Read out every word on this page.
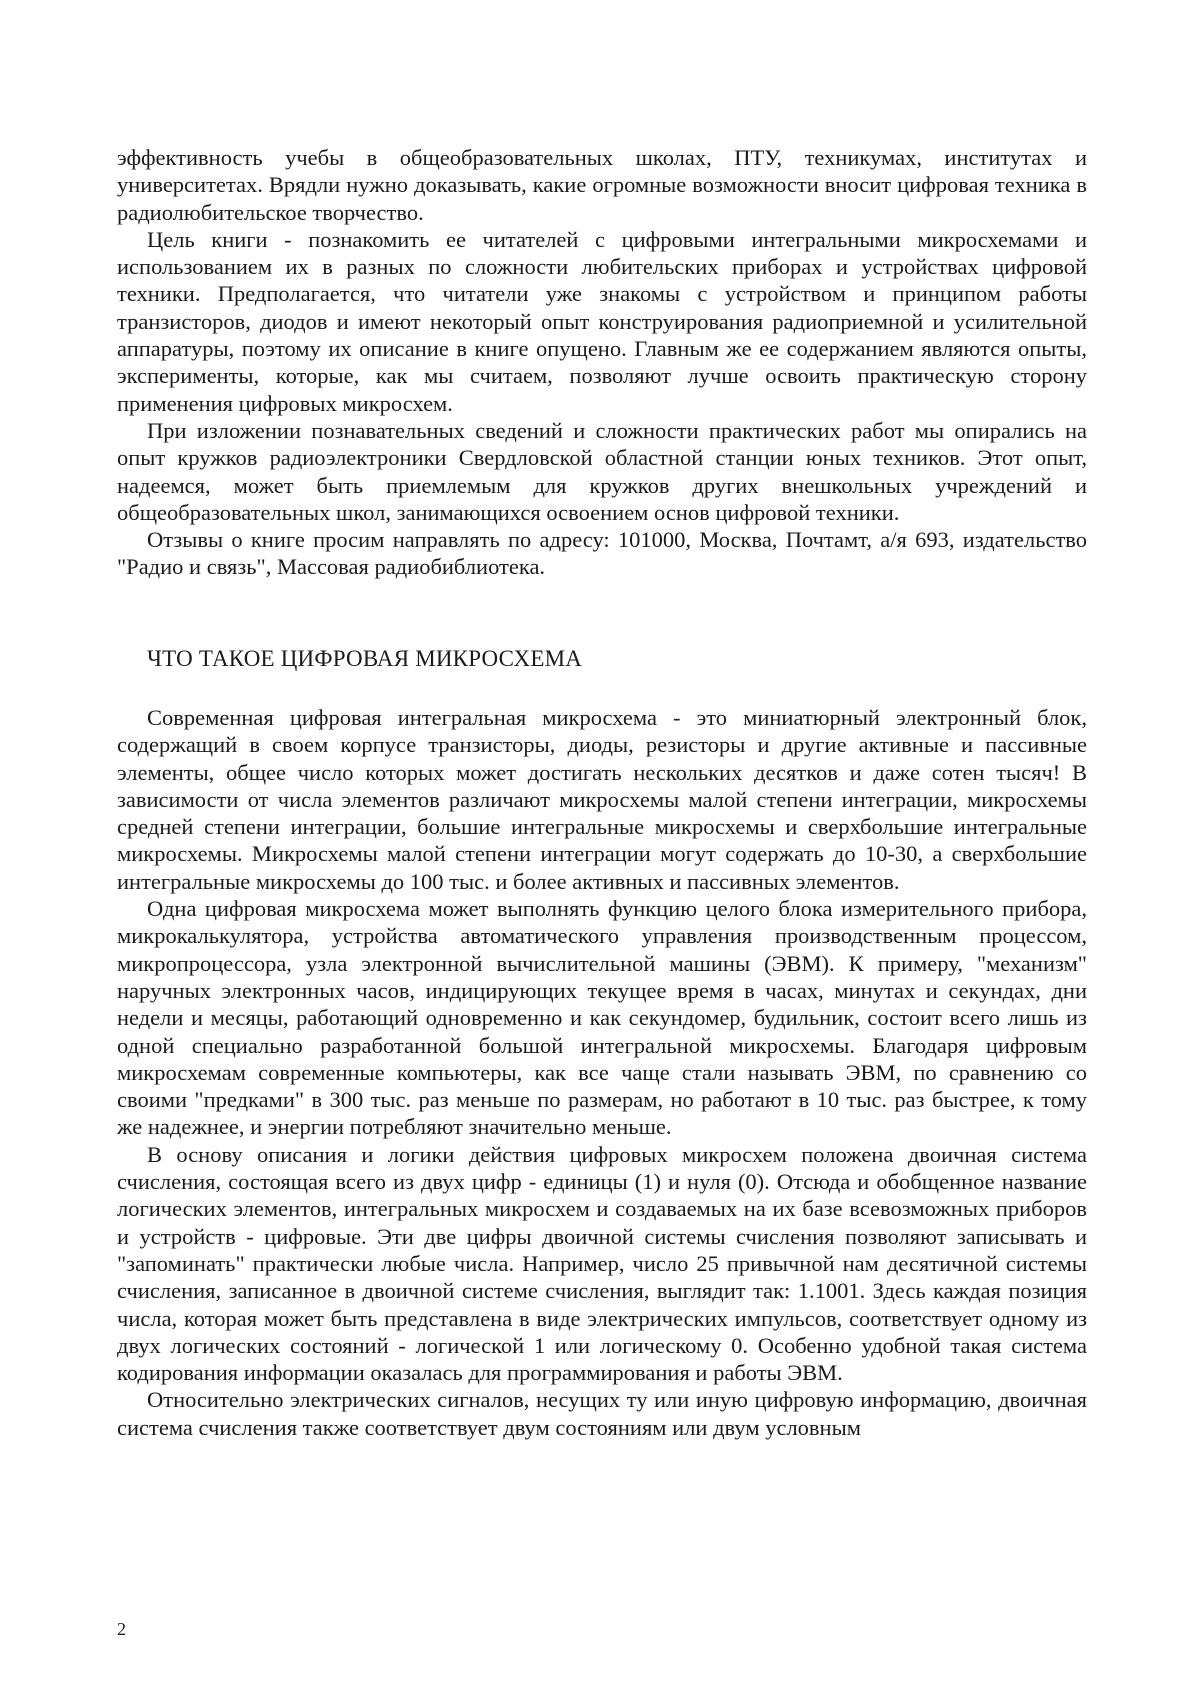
эффективность учебы в общеобразовательных школах, ПТУ, техникумах, институтах и университетах. Врядли нужно доказывать, какие огромные возможности вносит цифровая техника в радиолюбительское творчество.

Цель книги - познакомить ее читателей с цифровыми интегральными микросхемами и использованием их в разных по сложности любительских приборах и устройствах цифровой техники. Предполагается, что читатели уже знакомы с устройством и принципом работы транзисторов, диодов и имеют некоторый опыт конструирования радиоприемной и усилительной аппаратуры, поэтому их описание в книге опущено. Главным же ее содержанием являются опыты, эксперименты, которые, как мы считаем, позволяют лучше освоить практическую сторону применения цифровых микросхем.

При изложении познавательных сведений и сложности практических работ мы опирались на опыт кружков радиоэлектроники Свердловской областной станции юных техников. Этот опыт, надеемся, может быть приемлемым для кружков других внешкольных учреждений и общеобразовательных школ, занимающихся освоением основ цифровой техники.

Отзывы о книге просим направлять по адресу: 101000, Москва, Почтамт, а/я 693, издательство "Радио и связь", Массовая радиобиблиотека.

ЧТО ТАКОЕ ЦИФРОВАЯ МИКРОСХЕМА

Современная цифровая интегральная микросхема - это миниатюрный электронный блок, содержащий в своем корпусе транзисторы, диоды, резисторы и другие активные и пассивные элементы, общее число которых может достигать нескольких десятков и даже сотен тысяч! В зависимости от числа элементов различают микросхемы малой степени интеграции, микросхемы средней степени интеграции, большие интегральные микросхемы и сверхбольшие интегральные микросхемы. Микросхемы малой степени интеграции могут содержать до 10-30, а сверхбольшие интегральные микросхемы до 100 тыс. и более активных и пассивных элементов.

Одна цифровая микросхема может выполнять функцию целого блока измерительного прибора, микрокалькулятора, устройства автоматического управления производственным процессом, микропроцессора, узла электронной вычислительной машины (ЭВМ). К примеру, "механизм" наручных электронных часов, индицирующих текущее время в часах, минутах и секундах, дни недели и месяцы, работающий одновременно и как секундомер, будильник, состоит всего лишь из одной специально разработанной большой интегральной микросхемы. Благодаря цифровым микросхемам современные компьютеры, как все чаще стали называть ЭВМ, по сравнению со своими "предками" в 300 тыс. раз меньше по размерам, но работают в 10 тыс. раз быстрее, к тому же надежнее, и энергии потребляют значительно меньше.

В основу описания и логики действия цифровых микросхем положена двоичная система счисления, состоящая всего из двух цифр - единицы (1) и нуля (0). Отсюда и обобщенное название логических элементов, интегральных микросхем и создаваемых на их базе всевозможных приборов и устройств - цифровые. Эти две цифры двоичной системы счисления позволяют записывать и "запоминать" практически любые числа. Например, число 25 привычной нам десятичной системы счисления, записанное в двоичной системе счисления, выглядит так: 1.1001. Здесь каждая позиция числа, которая может быть представлена в виде электрических импульсов, соответствует одному из двух логических состояний - логической 1 или логическому 0. Особенно удобной такая система кодирования информации оказалась для программирования и работы ЭВМ.

Относительно электрических сигналов, несущих ту или иную цифровую информацию, двоичная система счисления также соответствует двум состояниям или двум условным

2
